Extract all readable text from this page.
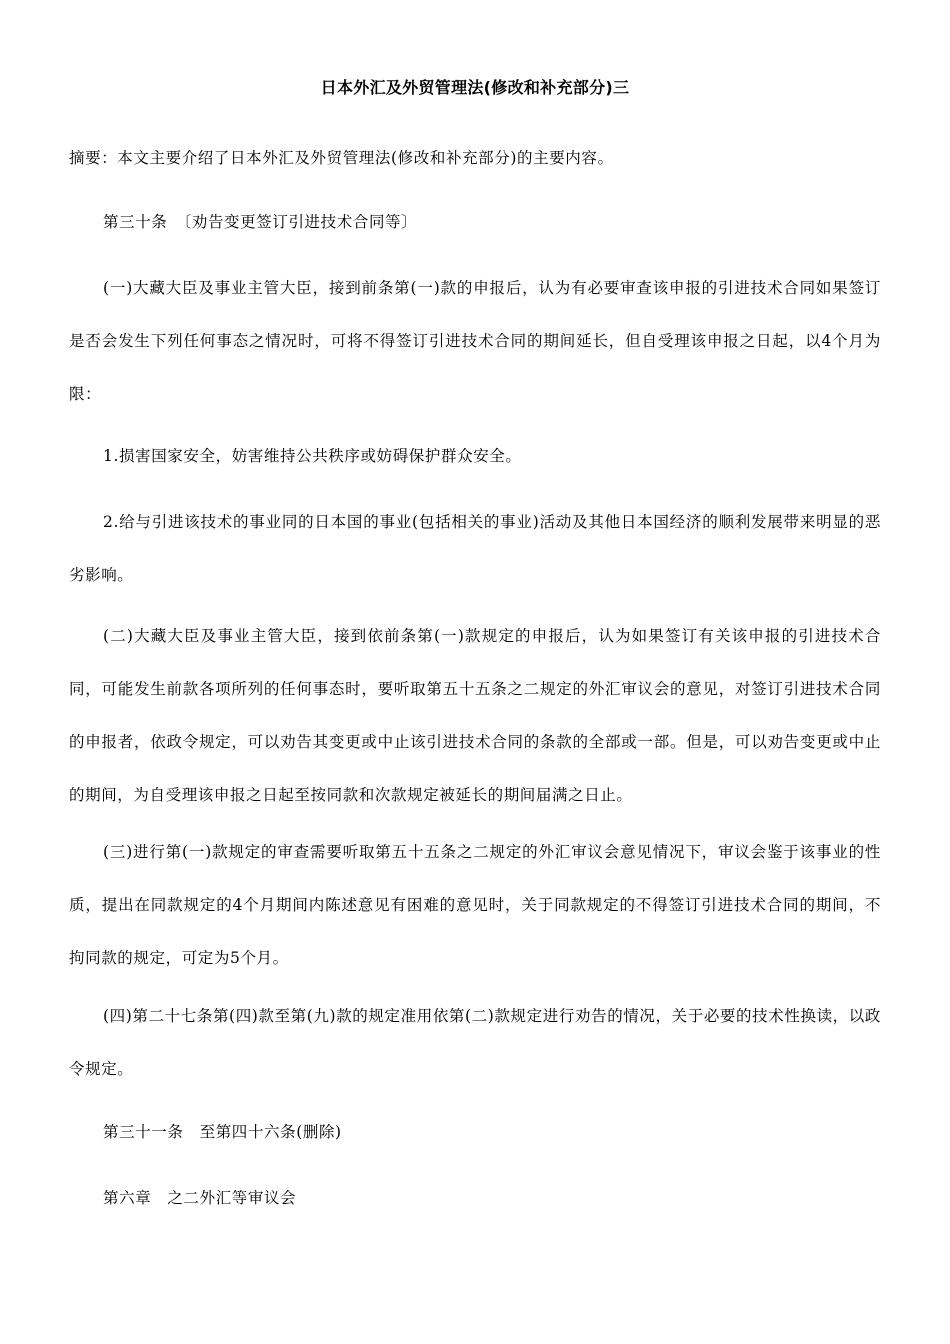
日本外汇及外贸管理法(修改和补充部分)三
摘要：本文主要介绍了日本外汇及外贸管理法(修改和补充部分)的主要内容。
第三十条　〔劝告变更签订引进技术合同等〕
(一)大藏大臣及事业主管大臣，接到前条第(一)款的申报后，认为有必要审查该申报的引进技术合同如果签订是否会发生下列任何事态之情况时，可将不得签订引进技术合同的期间延长，但自受理该申报之日起，以4个月为限：
1.损害国家安全，妨害维持公共秩序或妨碍保护群众安全。
2.给与引进该技术的事业同的日本国的事业(包括相关的事业)活动及其他日本国经济的顺利发展带来明显的恶劣影响。
(二)大藏大臣及事业主管大臣，接到依前条第(一)款规定的申报后，认为如果签订有关该申报的引进技术合同，可能发生前款各项所列的任何事态时，要听取第五十五条之二规定的外汇审议会的意见，对签订引进技术合同的申报者，依政令规定，可以劝告其变更或中止该引进技术合同的条款的全部或一部。但是，可以劝告变更或中止的期间，为自受理该申报之日起至按同款和次款规定被延长的期间届满之日止。
(三)进行第(一)款规定的审查需要听取第五十五条之二规定的外汇审议会意见情况下，审议会鉴于该事业的性质，提出在同款规定的4个月期间内陈述意见有困难的意见时，关于同款规定的不得签订引进技术合同的期间，不拘同款的规定，可定为5个月。
(四)第二十七条第(四)款至第(九)款的规定准用依第(二)款规定进行劝告的情况，关于必要的技术性换读，以政令规定。
第三十一条　至第四十六条(删除)
第六章　之二外汇等审议会
